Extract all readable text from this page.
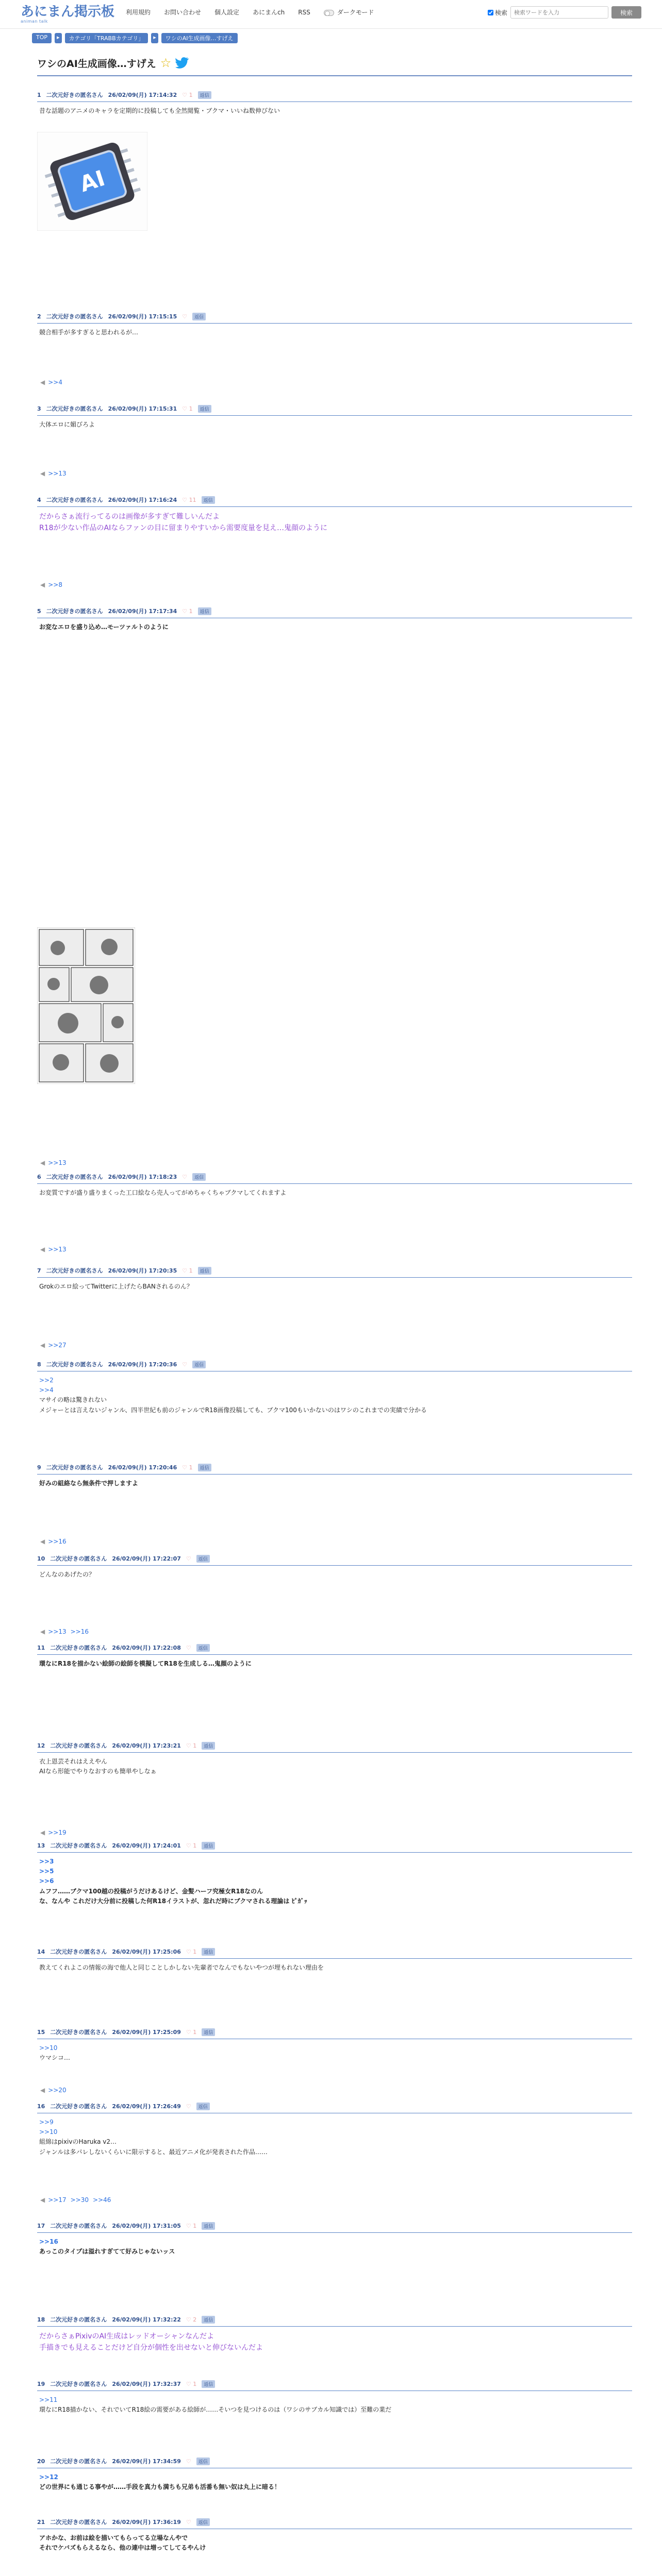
あにまん掲示板
animan talk
利用規約 お問い合わせ 個人設定 あにまんch RSS	ダークモード	検索
検索ワードを入力	検索
TOP	▸	カテゴリ「TRABBカテゴリ」	▸	ワシのAI生成画像…すげえ
ワシのAI生成画像…すげえ ☆
1 二次元好きの匿名さん 26/02/09(月) 17:14:32 ♡ 1	返信
昔な話題のアニメのキャラを定期的に投稿しても全然閲覧・ブクマ・いいね数伸びない
2 二次元好きの匿名さん 26/02/09(月) 17:15:15 ♡	返信
競合相手が多すぎると思われるが…
3 二次元好きの匿名さん 26/02/09(月) 17:15:31 ♡ 1	返信
大体エロに媚びろよ
4 二次元好きの匿名さん 26/02/09(月) 17:16:24 ♡ 11	返信
だからさぁ流行ってるのは画像が多すぎて難しいんだよ
R18が少ない作品のAIならファンの目に留まりやすいから需要度量を見え…鬼顔のように
5 二次元好きの匿名さん 26/02/09(月) 17:17:34 ♡ 1	返信
お変なエロを盛り込め…モーツァルトのように
6 二次元好きの匿名さん 26/02/09(月) 17:18:23 ♡	返信
お変質ですが盛り盛りまくった工口絵なら売人ってがめちゃくちゃブクマしてくれますよ
7 二次元好きの匿名さん 26/02/09(月) 17:20:35 ♡ 1	返信
Grokのエロ絵ってTwitterに上げたらBANされるのん？
8 二次元好きの匿名さん 26/02/09(月) 17:20:36 ♡	返信
>>2
>>4
マサイの略は驚きれない
メジャーとは言えないジャンル、四半世紀も前のジャンルでR18画像投稿しても、ブクマ100もいかないのはワシのこれまでの実績で分かる
9 二次元好きの匿名さん 26/02/09(月) 17:20:46 ♡ 1	返信
好みの組絡なら無条件で押しますよ
10 二次元好きの匿名さん 26/02/09(月) 17:22:07 ♡	返信
どんなのあげたの？
11 二次元好きの匿名さん 26/02/09(月) 17:22:08 ♡	返信
環なにR18を描かない絵師の絵師を模擬してR18を生成しる…鬼顔のように
12 二次元好きの匿名さん 26/02/09(月) 17:23:21 ♡ 1	返信
衣上恩芸それはええやん
AIなら形能でやりなおすのも簡単やしなぁ
13 二次元好きの匿名さん 26/02/09(月) 17:24:01 ♡ 1	返信
>>3
>>5
>>6
ムフフ……ブクマ100越の投稿がうだけあるけど、金髪ハーフ究極女R18なのん
な、なんや これだけ大分前に投稿した何R18イラストが、忽れだ時にブクマされる理論は ﾋﾟｶﾞｯ
14 二次元好きの匿名さん 26/02/09(月) 17:25:06 ♡ 1	返信
教えてくれよこの情報の海で他人と同じことしかしない先輩者でなんでもないやつが埋もれない理由を
15 二次元好きの匿名さん 26/02/09(月) 17:25:09 ♡ 1	返信
>>10
ウマシコ…
16 二次元好きの匿名さん 26/02/09(月) 17:26:49 ♡	返信
>>9
>>10
組綿はpixivのHaruka v2…
ジャンルは多パレしないくらいに限示すると、最近アニメ化が発表された作品……
17 二次元好きの匿名さん 26/02/09(月) 17:31:05 ♡ 1	返信
>>16
あっこのタイプは溢れすぎてて好みじゃないッス
18 二次元好きの匿名さん 26/02/09(月) 17:32:22 ♡ 2	返信
だからさぁPixivのAI生成はレッドオーシャンなんだよ
手描きでも見えることだけど自分が個性を出せないと伸びないんだよ
19 二次元好きの匿名さん 26/02/09(月) 17:32:37 ♡ 1	返信
>>11
環なにR18描かない、それでいてR18絵の需要がある絵師が……そいつを見つけるのは（ワシのサブカル知識では）至難の業だ
20 二次元好きの匿名さん 26/02/09(月) 17:34:59 ♡	返信
>>12
どの世界にも通じる事やが……手段を真力も満ちも兄弟も活番も無い奴は丸上に暗る！
21 二次元好きの匿名さん 26/02/09(月) 17:36:19 ♡	返信
アホかな、お前は絵を描いてもらってる立場なんやで
それでケバズもらえるなら、他の連中は増ってしてるやんけ
◀ >>4
◀ >>13
◀ >>8
◀ >>13
◀ >>13
◀ >>27
◀ >>16
◀ >>13 >>16
◀ >>19
◀ >>20
◀ >>17 >>30 >>46
AI
